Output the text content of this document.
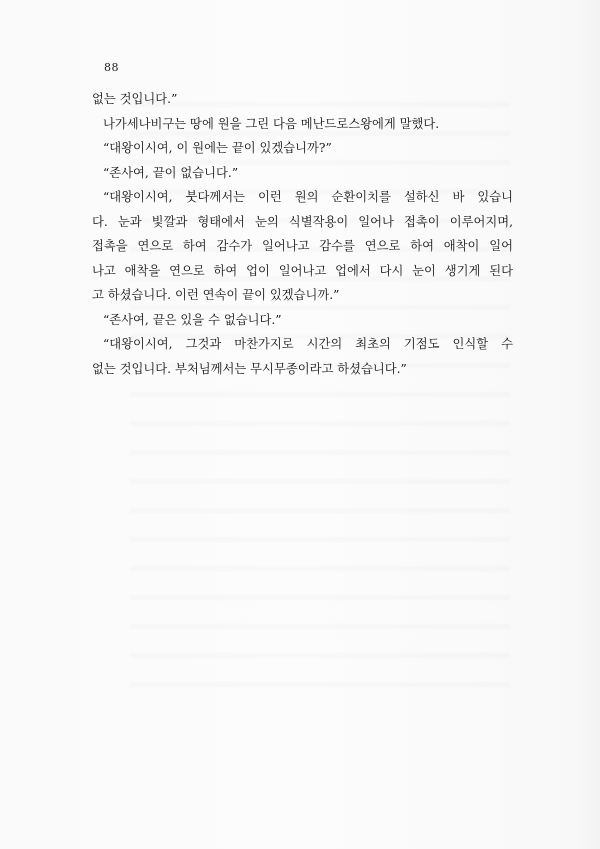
88

없는 것입니다.”

나가세나비구는 땅에 원을 그린 다음 메난드로스왕에게 말했다.

“대왕이시여, 이 원에는 끝이 있겠습니까?”

“존사여, 끝이 없습니다.”

“대왕이시여, 붓다께서는 이런 원의 순환이치를 설하신 바 있습니

다. 눈과 빛깔과 형태에서 눈의 식별작용이 일어나 접촉이 이루어지며,

접촉을 연으로 하여 감수가 일어나고 감수를 연으로 하여 애착이 일어

나고 애착을 연으로 하여 업이 일어나고 업에서 다시 눈이 생기게 된다

고 하셨습니다. 이런 연속이 끝이 있겠습니까.”

“존사여, 끝은 있을 수 없습니다.”

“대왕이시여, 그것과 마찬가지로 시간의 최초의 기점도 인식할 수

없는 것입니다. 부처님께서는 무시무종이라고 하셨습니다.”
